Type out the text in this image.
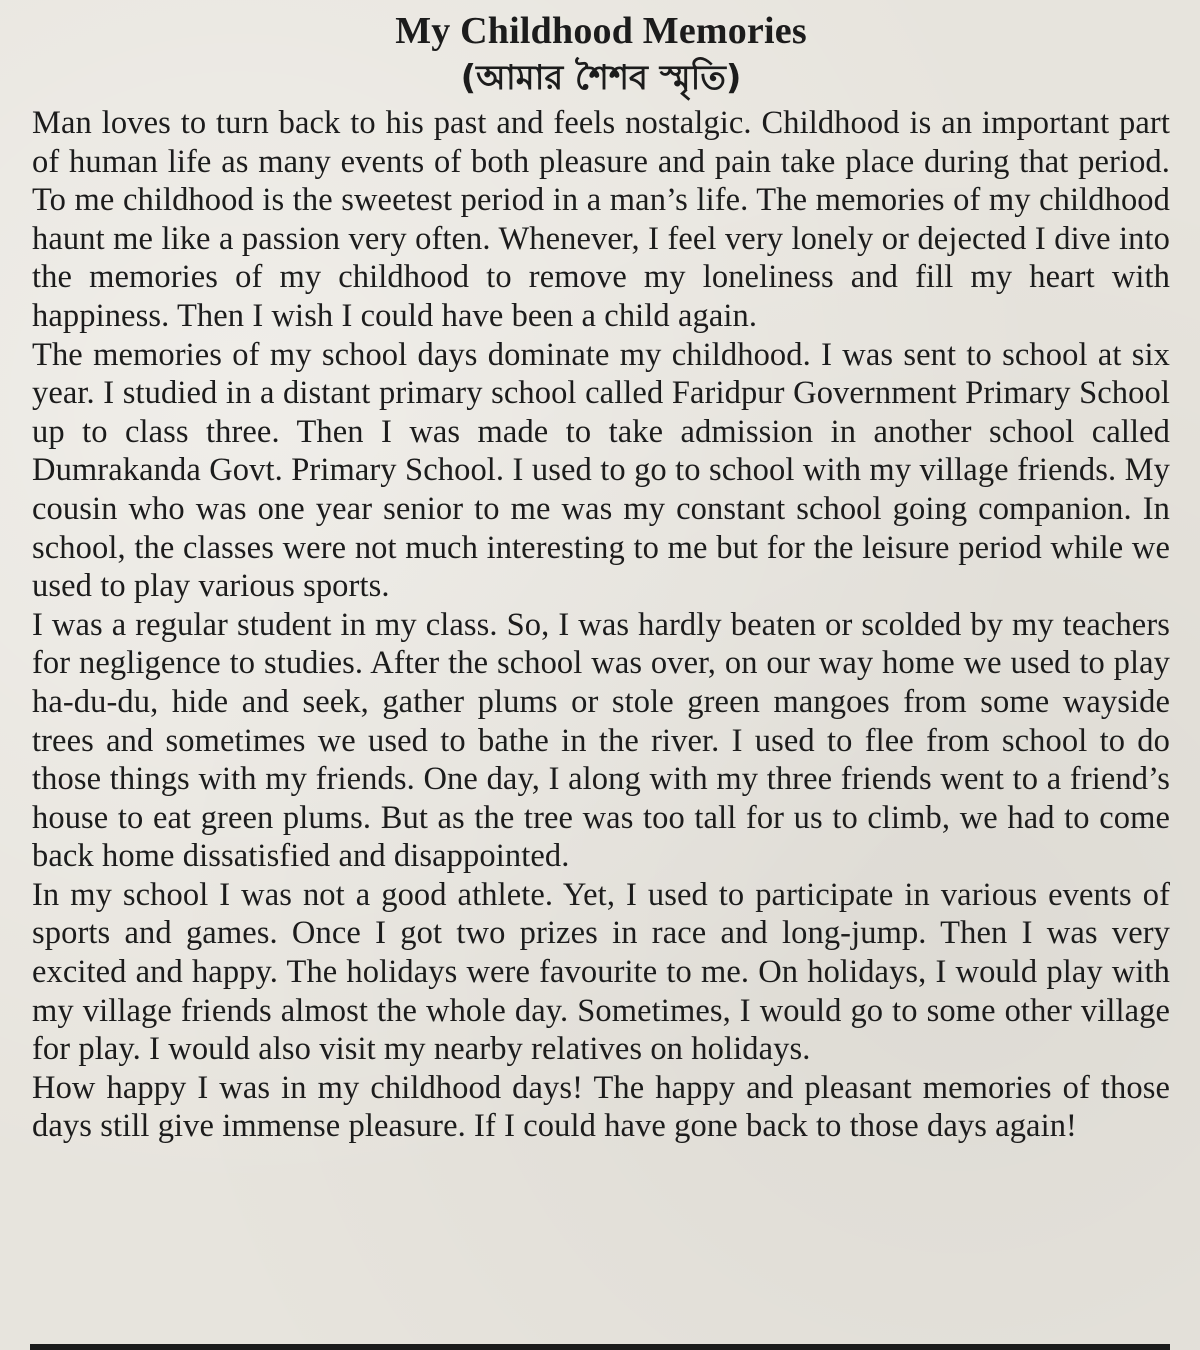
My Childhood Memories
(আমার শৈশব স্মৃতি)

Man loves to turn back to his past and feels nostalgic. Childhood is an important part of human life as many events of both pleasure and pain take place during that period. To me childhood is the sweetest period in a man’s life. The memories of my childhood haunt me like a passion very often. Whenever, I feel very lonely or dejected I dive into the memories of my childhood to remove my loneliness and fill my heart with happiness. Then I wish I could have been a child again.

The memories of my school days dominate my childhood. I was sent to school at six year. I studied in a distant primary school called Faridpur Government Primary School up to class three. Then I was made to take admission in another school called Dumrakanda Govt. Primary School. I used to go to school with my village friends. My cousin who was one year senior to me was my constant school going companion. In school, the classes were not much interesting to me but for the leisure period while we used to play various sports.

I was a regular student in my class. So, I was hardly beaten or scolded by my teachers for negligence to studies. After the school was over, on our way home we used to play ha-du-du, hide and seek, gather plums or stole green mangoes from some wayside trees and sometimes we used to bathe in the river. I used to flee from school to do those things with my friends. One day, I along with my three friends went to a friend’s house to eat green plums. But as the tree was too tall for us to climb, we had to come back home dissatisfied and disappointed.

In my school I was not a good athlete. Yet, I used to participate in various events of sports and games. Once I got two prizes in race and long-jump. Then I was very excited and happy. The holidays were favourite to me. On holidays, I would play with my village friends almost the whole day. Sometimes, I would go to some other village for play. I would also visit my nearby relatives on holidays.

How happy I was in my childhood days! The happy and pleasant memories of those days still give immense pleasure. If I could have gone back to those days again!
